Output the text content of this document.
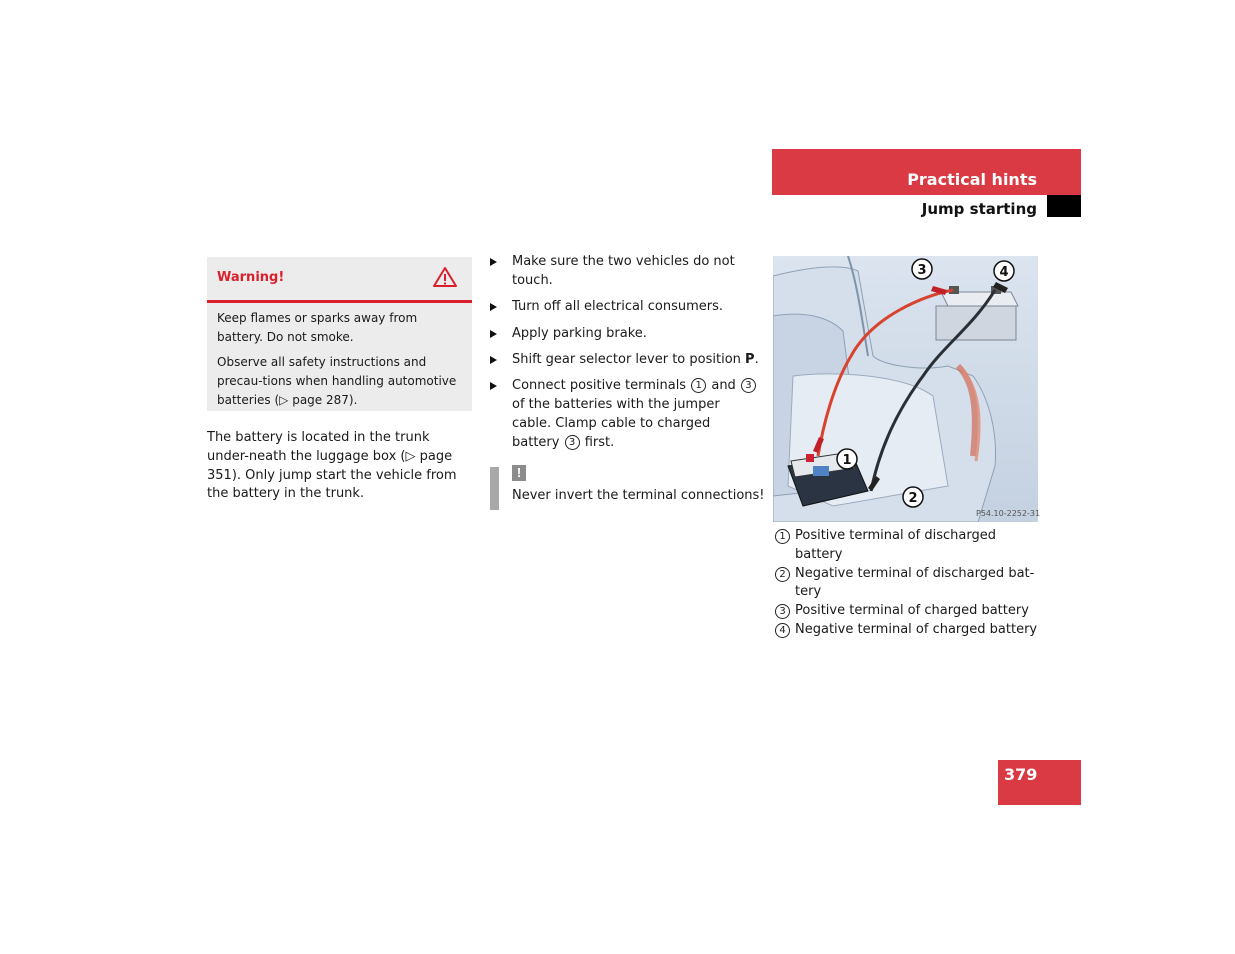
Practical hints
Jump starting
Warning!

Keep flames or sparks away from battery. Do not smoke.

Observe all safety instructions and precau-tions when handling automotive batteries (▷ page 287).

The battery is located in the trunk under-neath the luggage box (▷ page 351). Only jump start the vehicle from the battery in the trunk.
Make sure the two vehicles do not touch.
Turn off all electrical consumers.
Apply parking brake.
Shift gear selector lever to position P.
Connect positive terminals 1 and 3 of the batteries with the jumper cable. Clamp cable to charged battery 3 first.
!
Never invert the terminal connections!
1
2
3	4
P54.10-2252-31
1 Positive terminal of discharged battery
2 Negative terminal of discharged bat-tery
3 Positive terminal of charged battery
4 Negative terminal of charged battery
379
